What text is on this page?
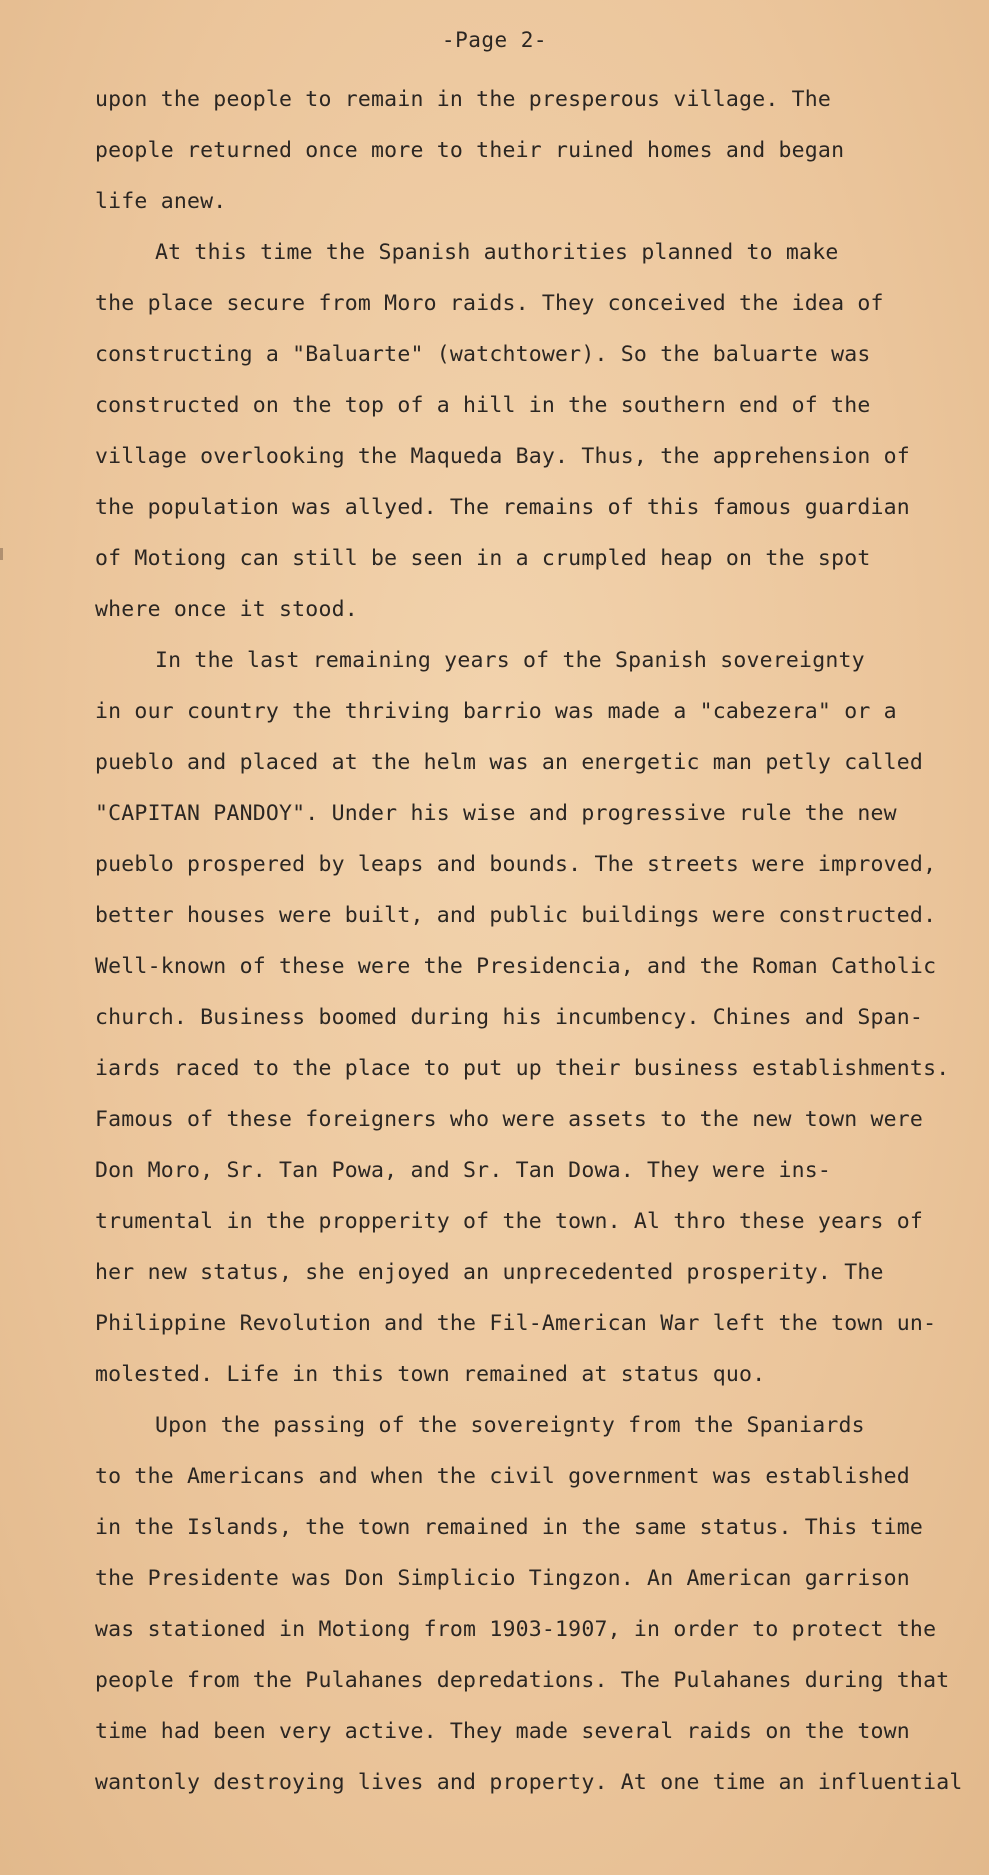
-Page 2-
upon the people to remain in the presperous village. The
people returned once more to their ruined homes and began
life anew.
At this time the Spanish authorities planned to make
the place secure from Moro raids. They conceived the idea of
constructing a "Baluarte" (watchtower). So the baluarte was
constructed on the top of a hill in the southern end of the
village overlooking the Maqueda Bay. Thus, the apprehension of
the population was allyed. The remains of this famous guardian
of Motiong can still be seen in a crumpled heap on the spot
where once it stood.
In the last remaining years of the Spanish sovereignty
in our country the thriving barrio was made a "cabezera" or a
pueblo and placed at the helm was an energetic man petly called
"CAPITAN PANDOY". Under his wise and progressive rule the new
pueblo prospered by leaps and bounds. The streets were improved,
better houses were built, and public buildings were constructed.
Well-known of these were the Presidencia, and the Roman Catholic
church. Business boomed during his incumbency. Chines and Span-
iards raced to the place to put up their business establishments.
Famous of these foreigners who were assets to the new town were
Don Moro, Sr. Tan Powa, and Sr. Tan Dowa. They were ins-
trumental in the propperity of the town. Al thro these years of
her new status, she enjoyed an unprecedented prosperity. The
Philippine Revolution and the Fil-American War left the town un-
molested. Life in this town remained at status quo.
Upon the passing of the sovereignty from the Spaniards
to the Americans and when the civil government was established
in the Islands, the town remained in the same status. This time
the Presidente was Don Simplicio Tingzon. An American garrison
was stationed in Motiong from 1903-1907, in order to protect the
people from the Pulahanes depredations. The Pulahanes during that
time had been very active. They made several raids on the town
wantonly destroying lives and property. At one time an influential
